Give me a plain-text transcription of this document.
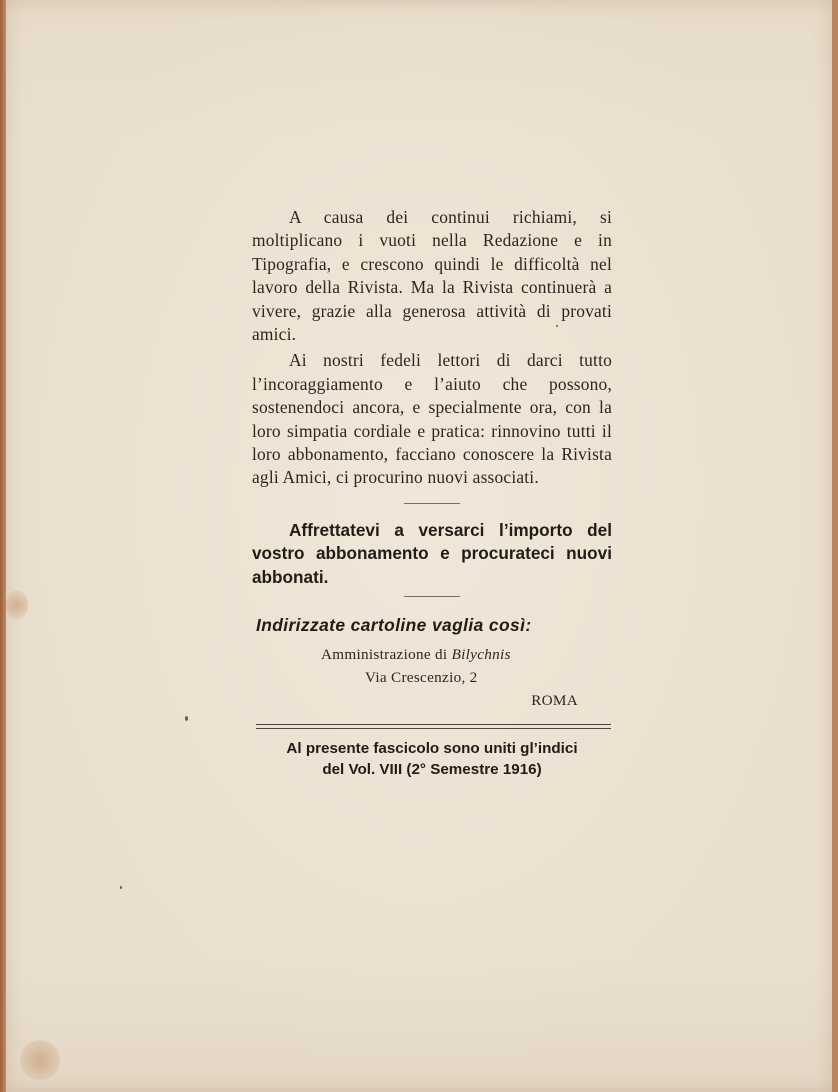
A causa dei continui richiami, si moltiplicano i vuoti nella Redazione e in Tipografia, e crescono quindi le difficoltà nel lavoro della Rivista. Ma la Rivista continuerà a vivere, grazie alla generosa attività di provati amici.

Ai nostri fedeli lettori di darci tutto l’incoraggiamento e l’aiuto che possono, sostenendoci ancora, e specialmente ora, con la loro simpatia cordiale e pratica: rinnovino tutti il loro abbonamento, facciano conoscere la Rivista agli Amici, ci procurino nuovi associati.

Affrettatevi a versarci l’importo del vostro abbonamento e procurateci nuovi abbonati.

Indirizzate cartoline vaglia così:
Amministrazione di Bilychnis
Via Crescenzio, 2
ROMA
Al presente fascicolo sono uniti gl’indici
del Vol. VIII (2° Semestre 1916)
